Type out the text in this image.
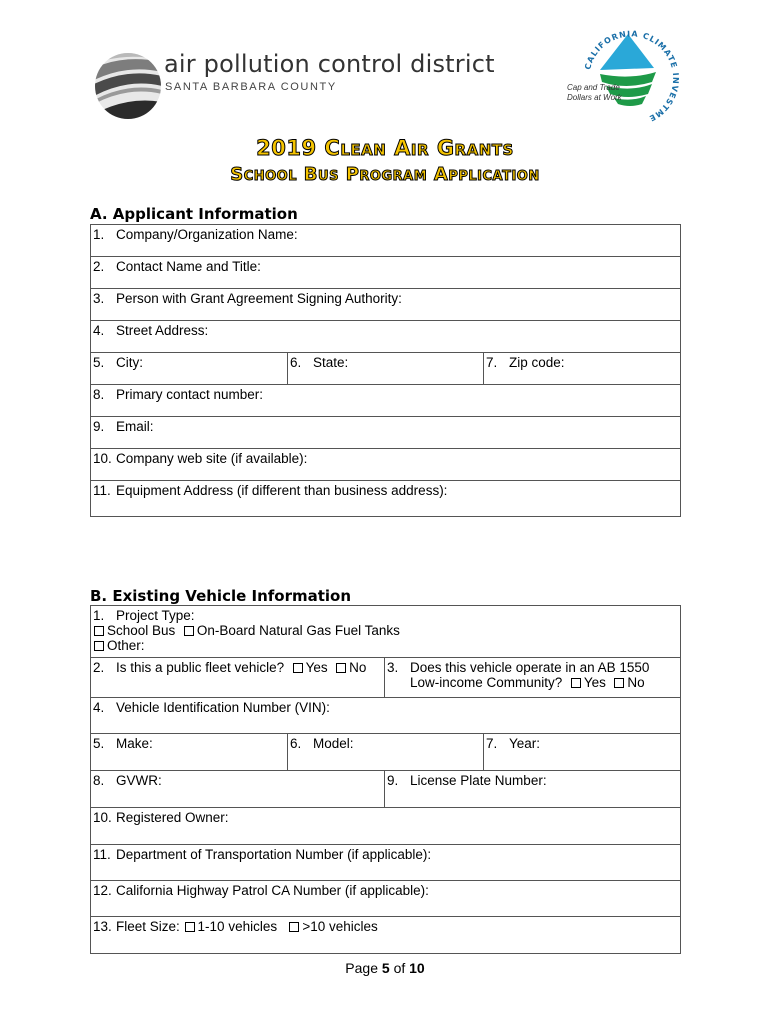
air pollution control district
SANTA BARBARA COUNTY
CALIFORNIA CLIMATE INVESTME
Cap and Trade
Dollars at Work
2019 Clean Air Grants
School Bus Program Application
A. Applicant Information
1. Company/Organization Name:
2. Contact Name and Title:
3. Person with Grant Agreement Signing Authority:
4. Street Address:
5. City:	6. State:	7. Zip code:
8. Primary contact number:
9. Email:
10. Company web site (if available):
11. Equipment Address (if different than business address):
B. Existing Vehicle Information
1. Project Type:
School Bus On-Board Natural Gas Fuel Tanks
Other:			

2. Is this a public fleet vehicle? Yes No		3. Does this vehicle operate in an AB 1550
Low-income Community? Yes No	

4. Vehicle Identification Number (VIN):			
5. Make:	6. Model:		7. Year:
8. GVWR:		9. License Plate Number:	
10. Registered Owner:			
11. Department of Transportation Number (if applicable):			
12. California Highway Patrol CA Number (if applicable):			
13. Fleet Size: 1-10 vehicles >10 vehicles			
Page 5 of 10
